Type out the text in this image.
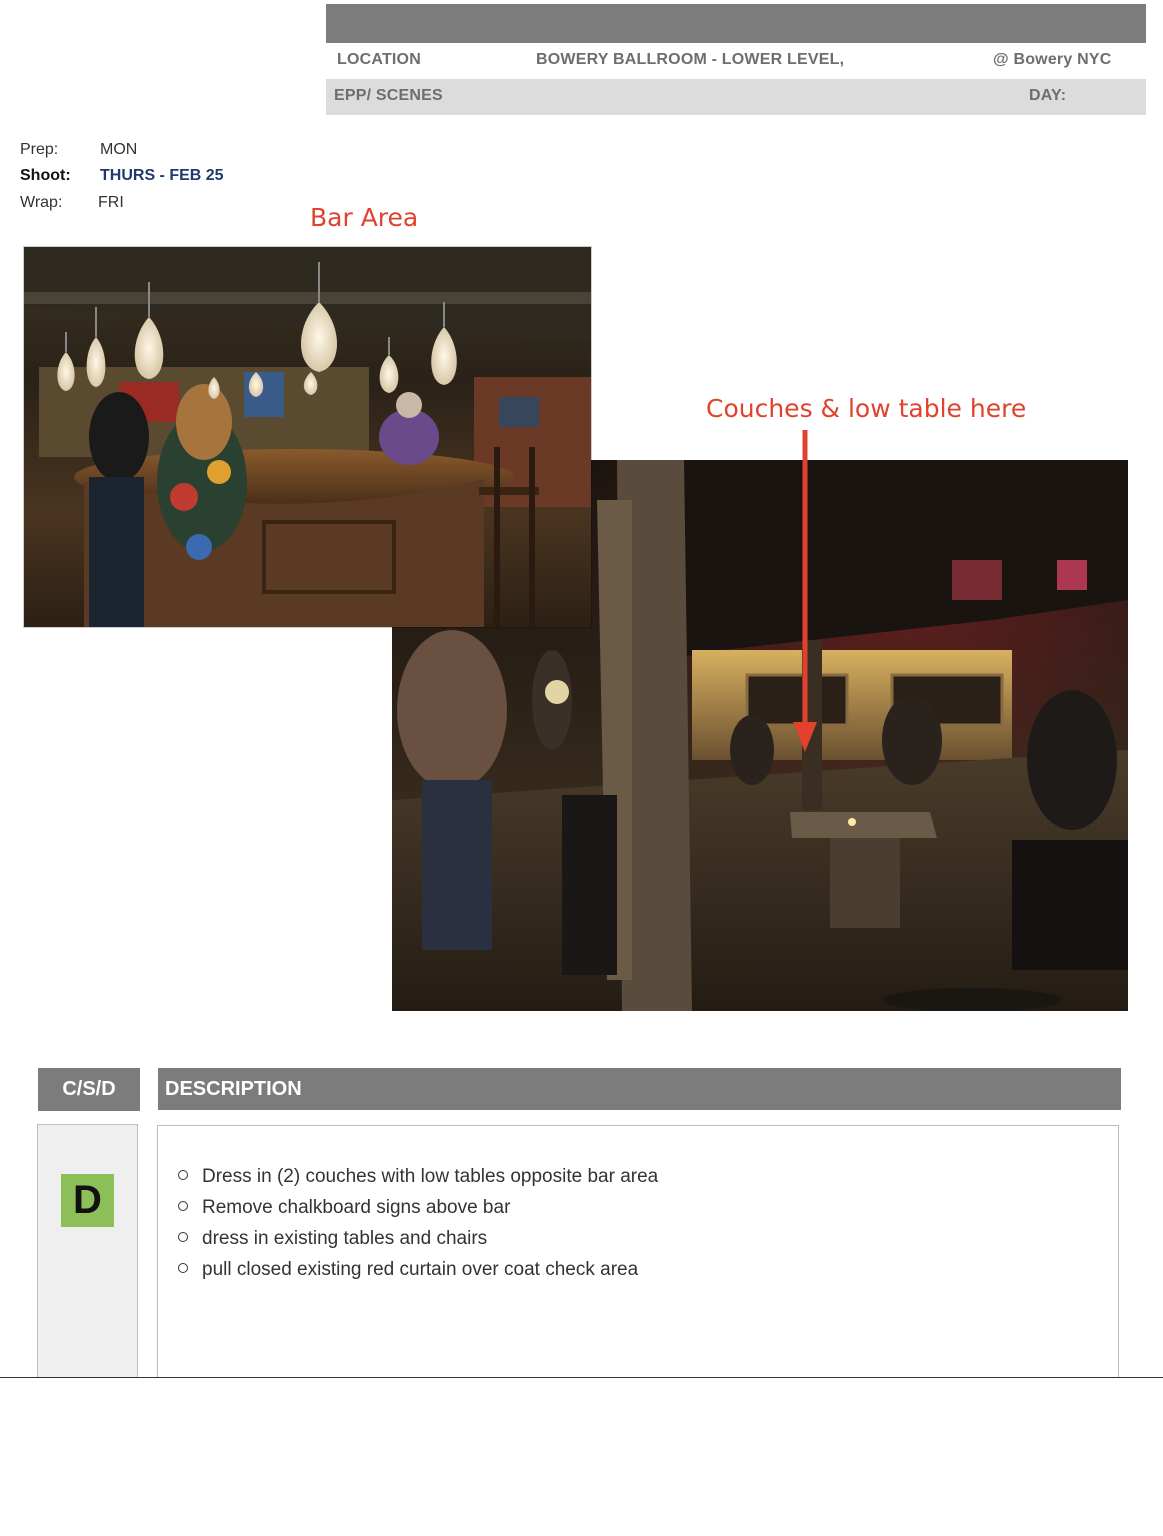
LOCATION	BOWERY BALLROOM - LOWER LEVEL,	@ Bowery NYC
EPP/ SCENES	DAY:
Prep:	MON
Shoot: THURS - FEB 25
Wrap: FRI
Bar Area
Couches & low table here
C/S/D	DESCRIPTION
D
Dress in (2) couches with low tables opposite bar area
Remove chalkboard signs above bar
dress in existing tables and chairs
pull closed existing red curtain over coat check area
